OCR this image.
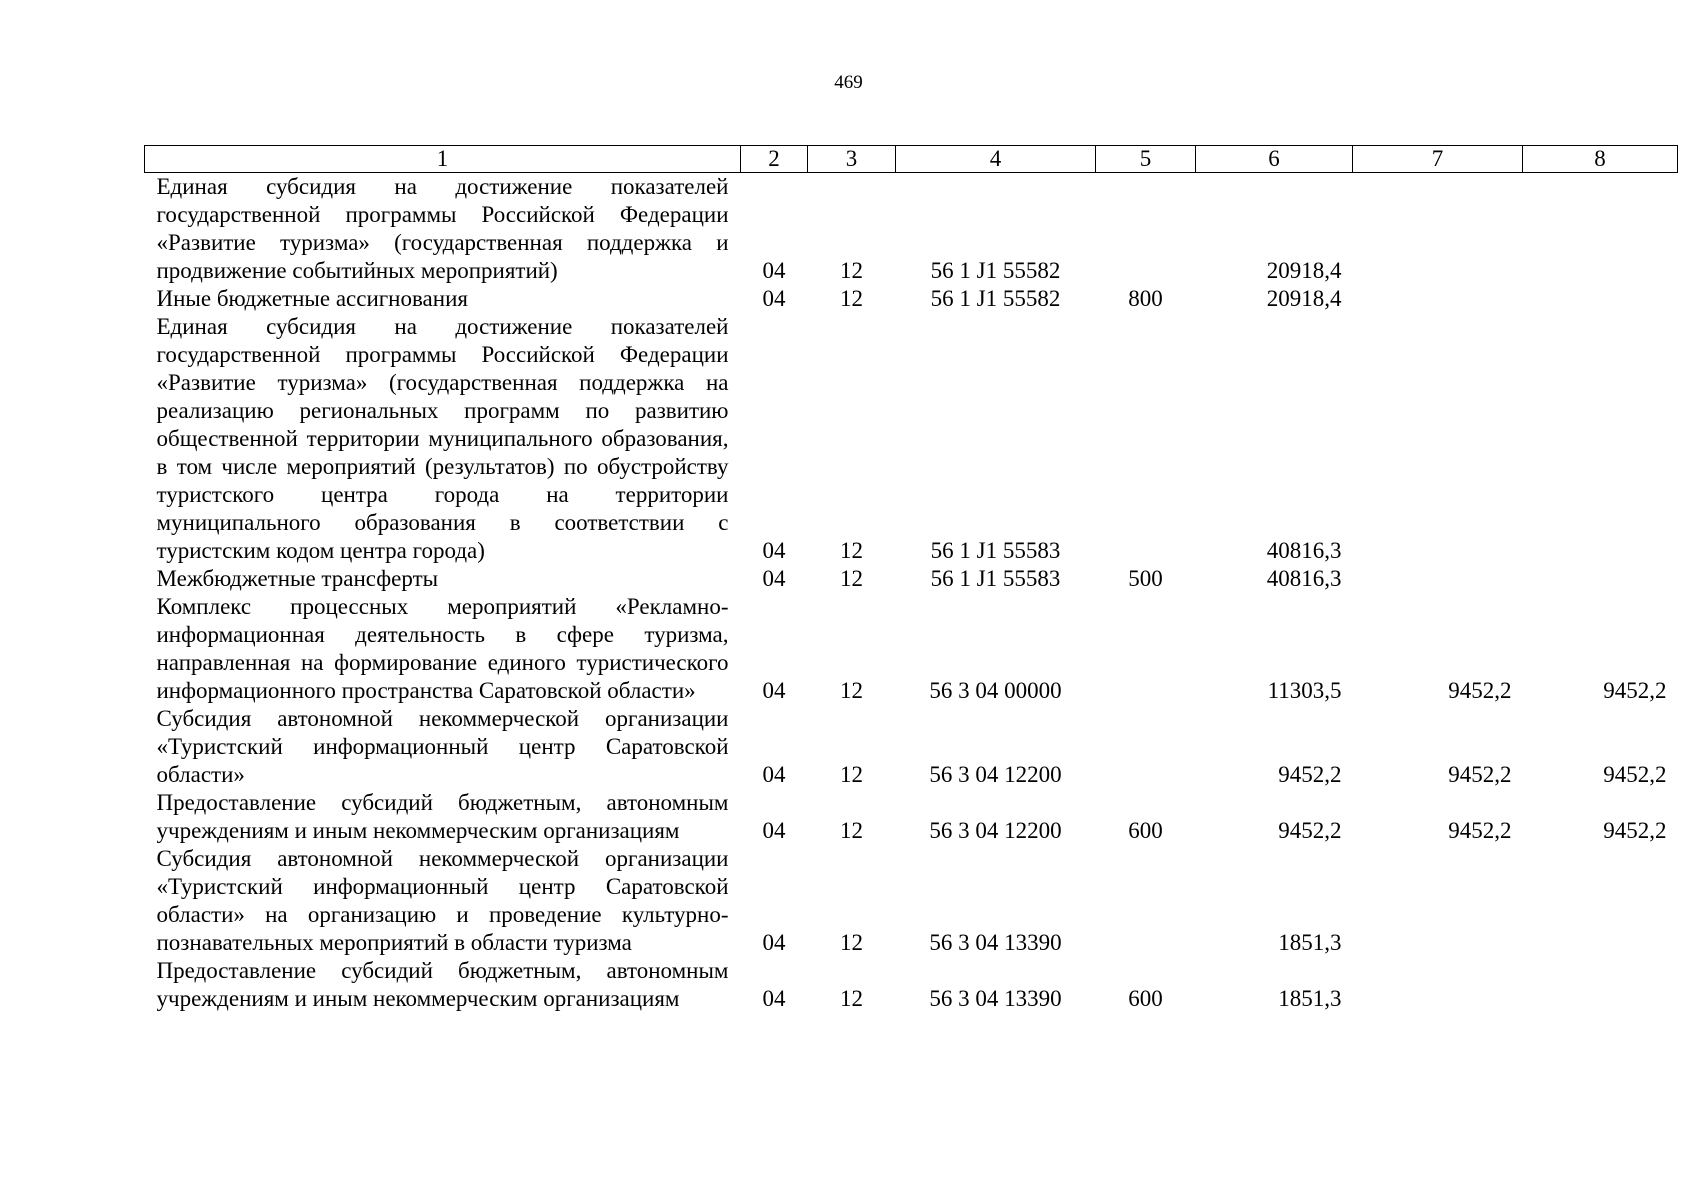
469
1	2	3	4	5	6	7	8
Единая субсидия на достижение показателей государственной программы Российской Федерации «Развитие туризма» (государственная поддержка и продвижение событийных мероприятий)	04	12	56 1 J1 55582		20918,4		
Иные бюджетные ассигнования	04	12	56 1 J1 55582	800	20918,4		
Единая субсидия на достижение показателей государственной программы Российской Федерации «Развитие туризма» (государственная поддержка на реализацию региональных программ по развитию общественной территории муниципального образования, в том числе мероприятий (результатов) по обустройству туристского центра города на территории муниципального образования в соответствии с туристским кодом центра города)	04	12	56 1 J1 55583		40816,3		
Межбюджетные трансферты	04	12	56 1 J1 55583	500	40816,3		
Комплекс процессных мероприятий «Рекламно-информационная деятельность в сфере туризма, направленная на формирование единого туристического информационного пространства Саратовской области»	04	12	56 3 04 00000		11303,5	9452,2	9452,2
Субсидия автономной некоммерческой организации «Туристский информационный центр Саратовской области»	04	12	56 3 04 12200		9452,2	9452,2	9452,2
Предоставление субсидий бюджетным, автономным учреждениям и иным некоммерческим организациям	04	12	56 3 04 12200	600	9452,2	9452,2	9452,2
Субсидия автономной некоммерческой организации «Туристский информационный центр Саратовской области» на организацию и проведение культурно-познавательных мероприятий в области туризма	04	12	56 3 04 13390		1851,3		
Предоставление субсидий бюджетным, автономным учреждениям и иным некоммерческим организациям	04	12	56 3 04 13390	600	1851,3		
